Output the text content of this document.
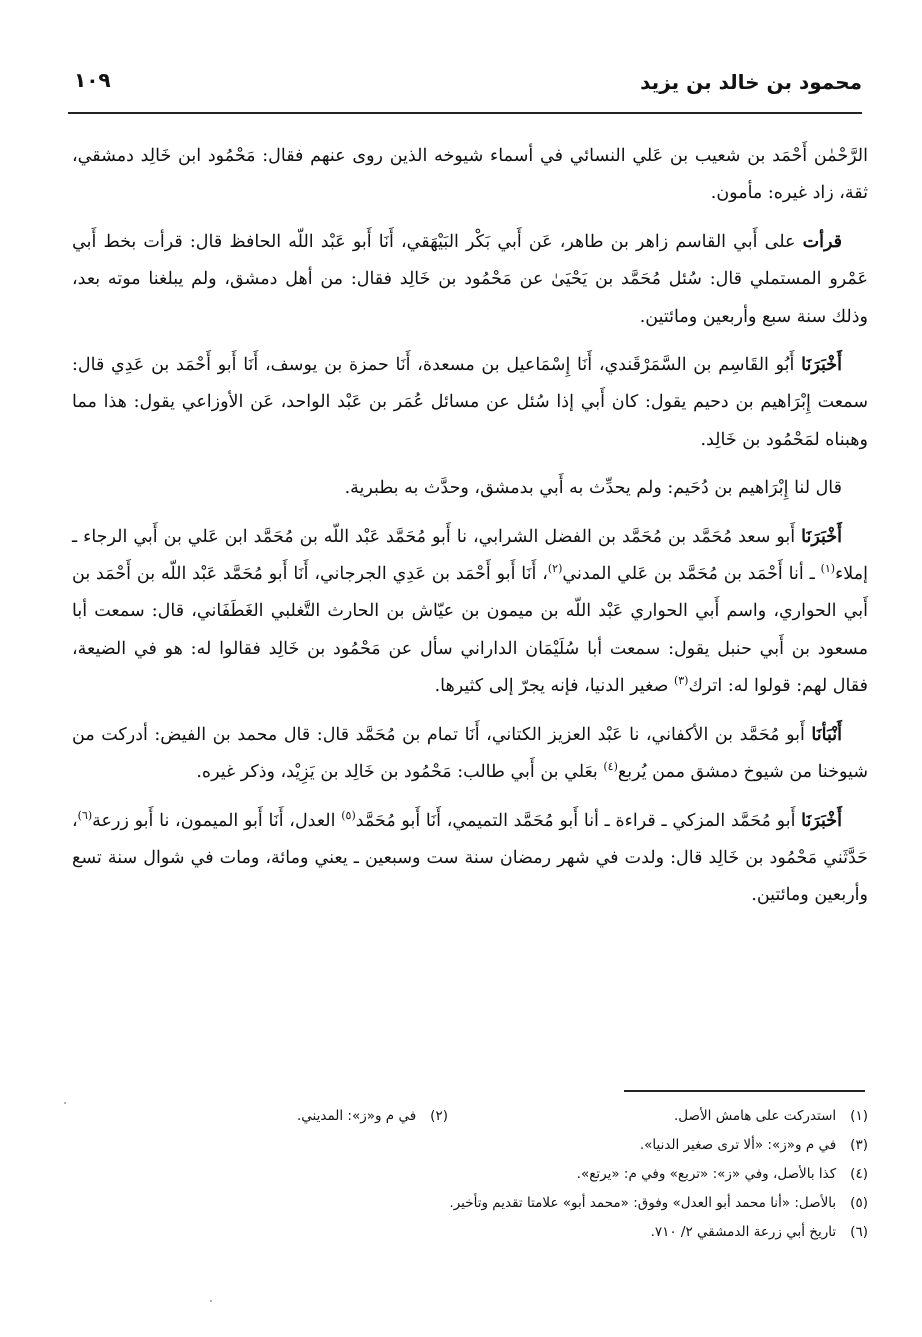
محمود بن خالد بن يزيد
١٠٩

الرَّحْمٰن أَحْمَد بن شعيب بن عَلي النسائي في أسماء شيوخه الذين روى عنهم فقال: مَحْمُود ابن خَالِد دمشقي، ثقة، زاد غيره: مأمون.

قرأت على أَبي القاسم زاهر بن طاهر، عَن أَبي بَكْر البَيْهَقي، أَنَا أَبو عَبْد اللّه الحافظ قال: قرأت بخط أَبي عَمْرو المستملي قال: سُئل مُحَمَّد بن يَحْيَىٰ عن مَحْمُود بن خَالِد فقال: من أهل دمشق، ولم يبلغنا موته بعد، وذلك سنة سبع وأربعين ومائتين.

أَخْبَرَنَا أَبُو القَاسِم بن السَّمَرْقَندي، أَنَا إِسْمَاعيل بن مسعدة، أَنَا حمزة بن يوسف، أَنَا أَبو أَحْمَد بن عَدِي قال: سمعت إِبْرَاهيم بن دحيم يقول: كان أَبي إذا سُئل عن مسائل عُمَر بن عَبْد الواحد، عَن الأوزاعي يقول: هذا مما وهبناه لمَحْمُود بن خَالِد.

قال لنا إِبْرَاهيم بن دُحَيم: ولم يحدِّث به أَبي بدمشق، وحدَّث به بطبرية.

أَخْبَرَنَا أَبو سعد مُحَمَّد بن مُحَمَّد بن الفضل الشرابي، نا أَبو مُحَمَّد عَبْد اللّه بن مُحَمَّد ابن عَلي بن أَبي الرجاء ـ إملاء$^{(١)}$ ـ أنا أَحْمَد بن مُحَمَّد بن عَلي المدني$^{(٢)}$، أَنَا أَبو أَحْمَد بن عَدِي الجرجاني، أَنَا أَبو مُحَمَّد عَبْد اللّه بن أَحْمَد بن أَبي الحواري، واسم أَبي الحواري عَبْد اللّه بن ميمون بن عيّاش بن الحارث التَّغلبي الغَطَفَاني، قال: سمعت أبا مسعود بن أَبي حنبل يقول: سمعت أبا سُلَيْمَان الداراني سأل عن مَحْمُود بن خَالِد فقالوا له: هو في الضيعة، فقال لهم: قولوا له: اترك$^{(٣)}$ صغير الدنيا، فإنه يجرّ إلى كثيرها.

أَنْبَأنَا أَبو مُحَمَّد بن الأكفاني، نا عَبْد العزيز الكتاني، أَنَا تمام بن مُحَمَّد قال: قال محمد بن الفيض: أدركت من شيوخنا من شيوخ دمشق ممن يُربع$^{(٤)}$ بعَلي بن أَبي طالب: مَحْمُود بن خَالِد بن يَزِيْد، وذكر غيره.

أَخْبَرَنَا أَبو مُحَمَّد المزكي ـ قراءة ـ أنا أَبو مُحَمَّد التميمي، أَنَا أَبو مُحَمَّد$^{(٥)}$ العدل، أَنَا أَبو الميمون، نا أَبو زرعة$^{(٦)}$، حَدَّثَني مَحْمُود بن خَالِد قال: ولدت في شهر رمضان سنة ست وسبعين ـ يعني ومائة، ومات في شوال سنة تسع وأربعين ومائتين.

(١)استدركت على هامش الأصل.
(٢)في م و«ز»: المديني.
(٣)في م و«ز»: «ألا ترى صغير الدنيا».
(٤)كذا بالأصل، وفي «ز»: «تربع» وفي م: «يرتع».
(٥)بالأصل: «أنا محمد أبو العدل» وفوق: «محمد أبو» علامتا تقديم وتأخير.
(٦)تاريخ أبي زرعة الدمشقي ٢/ ٧١٠.
